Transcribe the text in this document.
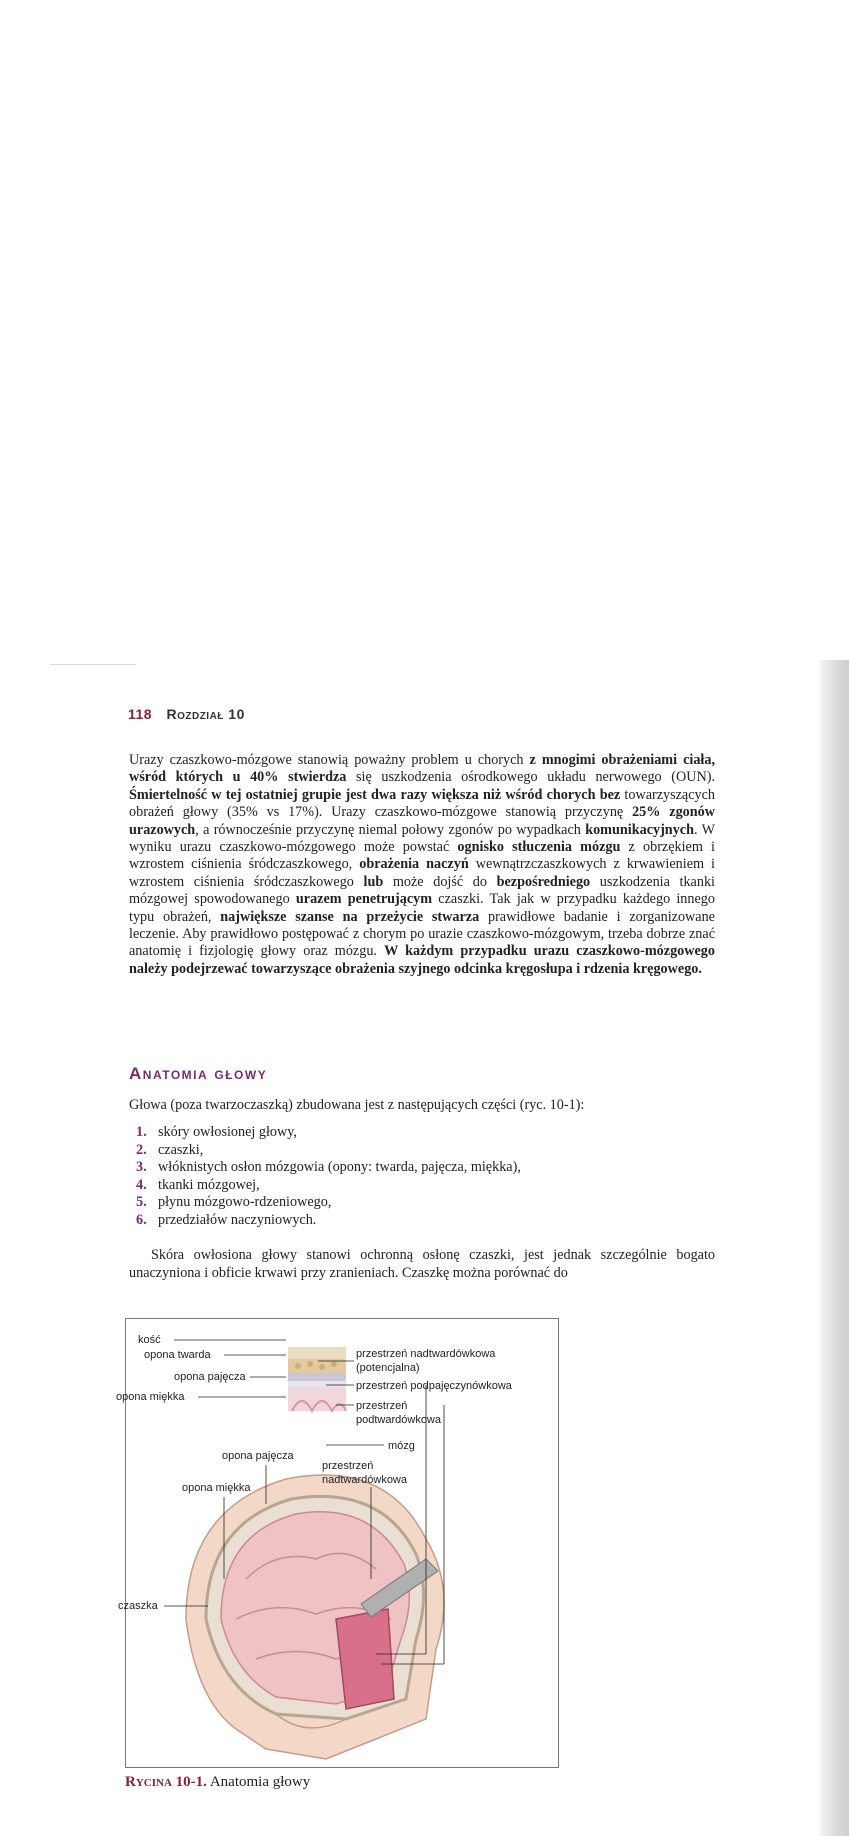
118 Rozdział 10
Urazy czaszkowo-mózgowe stanowią poważny problem u chorych z mnogimi obrażeniami ciała, wśród których u 40% stwierdza się uszkodzenia ośrodkowego układu nerwowego (OUN). Śmiertelność w tej ostatniej grupie jest dwa razy większa niż wśród chorych bez towarzyszących obrażeń głowy (35% vs 17%). Urazy czaszkowo-mózgowe stanowią przyczynę 25% zgonów urazowych, a równocześnie przyczynę niemal połowy zgonów po wypadkach komunikacyjnych. W wyniku urazu czaszkowo-mózgowego może powstać ognisko stłuczenia mózgu z obrzękiem i wzrostem ciśnienia śródczaszkowego, obrażenia naczyń wewnątrzczaszkowych z krwawieniem i wzrostem ciśnienia śródczaszkowego lub może dojść do bezpośredniego uszkodzenia tkanki mózgowej spowodowanego urazem penetrującym czaszki. Tak jak w przypadku każdego innego typu obrażeń, największe szanse na przeżycie stwarza prawidłowe badanie i zorganizowane leczenie. Aby prawidłowo postępować z chorym po urazie czaszkowo-mózgowym, trzeba dobrze znać anatomię i fizjologię głowy oraz mózgu. W każdym przypadku urazu czaszkowo-mózgowego należy podejrzewać towarzyszące obrażenia szyjnego odcinka kręgosłupa i rdzenia kręgowego.
Anatomia głowy
Głowa (poza twarzoczaszką) zbudowana jest z następujących części (ryc. 10-1):
1. skóry owłosionej głowy,
2. czaszki,
3. włóknistych osłon mózgowia (opony: twarda, pajęcza, miękka),
4. tkanki mózgowej,
5. płynu mózgowo-rdzeniowego,
6. przedziałów naczyniowych.
Skóra owłosiona głowy stanowi ochronną osłonę czaszki, jest jednak szczególnie bogato unaczyniona i obficie krwawi przy zranieniach. Czaszkę można porównać do
kość
opona twarda
opona pajęcza
opona miękka
przestrzeń nadtwardówkowa
(potencjalna)
przestrzeń podpajęczynówkowa
przestrzeń
podtwardówkowa
mózg
opona pajęcza
przestrzeń
nadtwardówkowa
opona miękka
czaszka
Rycina 10-1. Anatomia głowy
